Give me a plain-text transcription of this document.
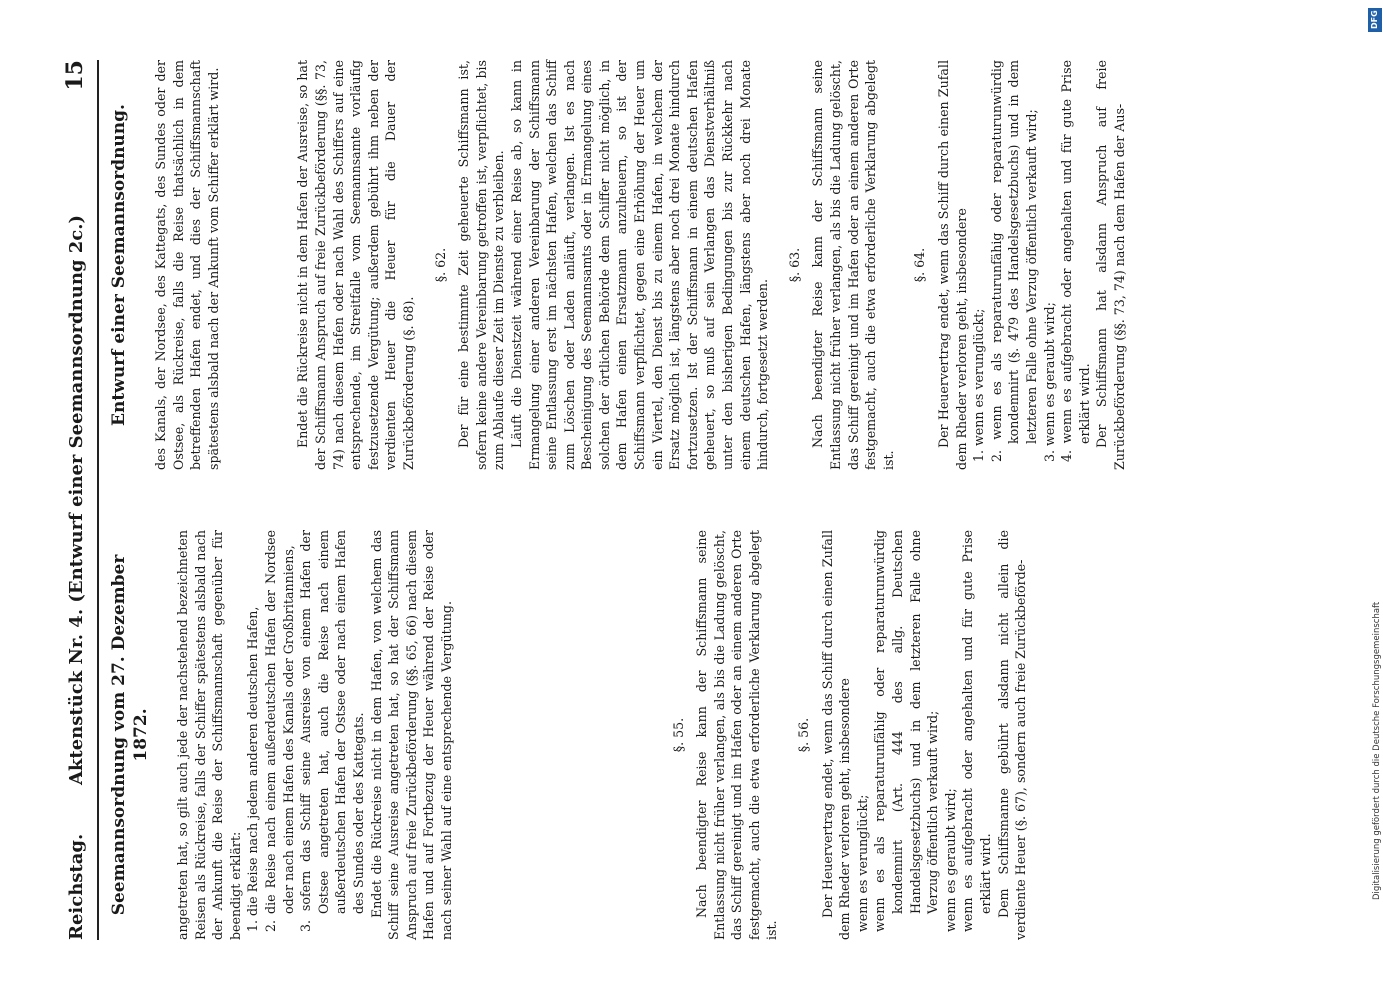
Reichstag.
Aktenstück Nr. 4. (Entwurf einer Seemannsordnung 2c.)
15
Seemannsordnung vom 27. Dezember 1872. angetreten hat, so gilt auch jede der nachstehend bezeichneten Reisen als Rückreise, falls der Schiffer spätestens alsbald nach der Ankunft die Reise der Schiffsmannschaft gegenüber für beendigt erklärt: 1. die Reise nach jedem anderen deutschen Hafen, 2. die Reise nach einem außerdeutschen Hafen der Nordsee oder nach einem Hafen des Kanals oder Großbritanniens, 3. sofern das Schiff seine Ausreise von einem Hafen der Ostsee angetreten hat, auch die Reise nach einem außerdeutschen Hafen der Ostsee oder nach einem Hafen des Sundes oder des Kattegats. Endet die Rückreise nicht in dem Hafen, von welchem das Schiff seine Ausreise angetreten hat, so hat der Schiffsmann Anspruch auf freie Zurückbeförderung (§§. 65, 66) nach diesem Hafen und auf Fortbezug der Heuer während der Reise oder nach seiner Wahl auf eine entsprechende Vergütung.	§. 55. Nach beendigter Reise kann der Schiffsmann seine Entlassung nicht früher verlangen, als bis die Ladung gelöscht, das Schiff gereinigt und im Hafen oder an einem anderen Orte festgemacht, auch die etwa erforderliche Verklarung abgelegt ist.

§. 56. Der Heuervertrag endet, wenn das Schiff durch einen Zufall dem Rheder verloren geht, insbesondere wenn es verunglückt; wenn es als reparaturunfähig oder reparaturunwürdig kondemnirt (Art. 444 des allg. Deutschen Handelsgesetzbuchs) und in dem letzteren Falle ohne Verzug öffentlich verkauft wird; wenn es geraubt wird; wenn es aufgebracht oder angehalten und für gute Prise erklärt wird. Dem Schiffsmanne gebührt alsdann nicht allein die verdiente Heuer (§. 67), sondern auch freie Zurückbeförde-

Entwurf einer Seemannsordnung. des Kanals, der Nordsee, des Kattegats, des Sundes oder der Ostsee, als Rückreise, falls die Reise thatsächlich in dem betreffenden Hafen endet, und dies der Schiffsmannschaft spätestens alsbald nach der Ankunft vom Schiffer erklärt wird.	Endet die Rückreise nicht in dem Hafen der Ausreise, so hat der Schiffsmann Anspruch auf freie Zurückbeförderung (§§. 73, 74) nach diesem Hafen oder nach Wahl des Schiffers auf eine entsprechende, im Streitfalle vom Seemannsamte vorläufig festzusetzende Vergütung; außerdem gebührt ihm neben der verdienten Heuer die Heuer für die Dauer der Zurückbeförderung (§. 68).

§. 62. Der für eine bestimmte Zeit geheuerte Schiffsmann ist, sofern keine andere Vereinbarung getroffen ist, verpflichtet, bis zum Ablaufe dieser Zeit im Dienste zu verbleiben. Läuft die Dienstzeit während einer Reise ab, so kann in Ermangelung einer anderen Vereinbarung der Schiffsmann seine Entlassung erst im nächsten Hafen, welchen das Schiff zum Löschen oder Laden anläuft, verlangen. Ist es nach Bescheinigung des Seemannsamts oder in Ermangelung eines solchen der örtlichen Behörde dem Schiffer nicht möglich, in dem Hafen einen Ersatzmann anzuheuern, so ist der Schiffsmann verpflichtet, gegen eine Erhöhung der Heuer um ein Viertel, den Dienst bis zu einem Hafen, in welchem der Ersatz möglich ist, längstens aber noch drei Monate hindurch fortzusetzen. Ist der Schiffsmann in einem deutschen Hafen geheuert, so muß auf sein Verlangen das Dienstverhältniß unter den bisherigen Bedingungen bis zur Rückkehr nach einem deutschen Hafen, längstens aber noch drei Monate hindurch, fortgesetzt werden.

§. 63. Nach beendigter Reise kann der Schiffsmann seine Entlassung nicht früher verlangen, als bis die Ladung gelöscht, das Schiff gereinigt und im Hafen oder an einem anderen Orte festgemacht, auch die etwa erforderliche Verklarung abgelegt ist.

§. 64. Der Heuervertrag endet, wenn das Schiff durch einen Zufall dem Rheder verloren geht, insbesondere 1. wenn es verunglückt; 2. wenn es als reparaturunfähig oder reparaturunwürdig kondemnirt (§. 479 des Handelsgesetzbuchs) und in dem letzteren Falle ohne Verzug öffentlich verkauft wird; 3. wenn es geraubt wird; 4. wenn es aufgebracht oder angehalten und für gute Prise erklärt wird. Der Schiffsmann hat alsdann Anspruch auf freie Zurückbeförderung (§§. 73, 74) nach dem Hafen der Aus-

DFG
Digitalisierung gefördert durch die Deutsche Forschungsgemeinschaft
